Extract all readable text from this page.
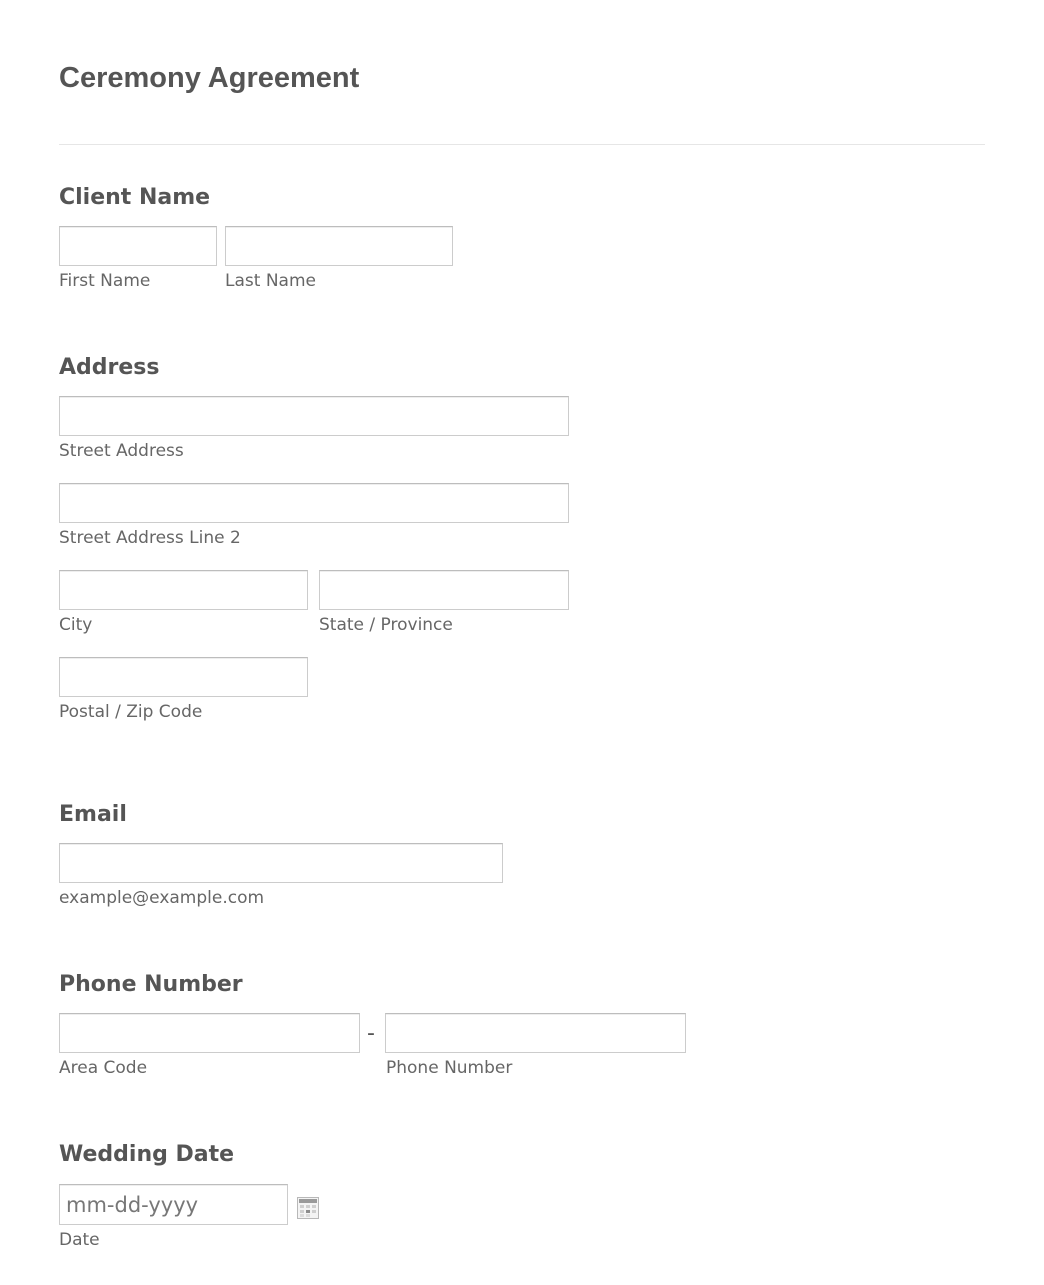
Ceremony Agreement
Client Name
First Name	Last Name
Address
Street Address
Street Address Line 2
City	State / Province
Postal / Zip Code
Email
example@example.com
Phone Number
-
Area Code	Phone Number
Wedding Date
mm-dd-yyyy
Date
